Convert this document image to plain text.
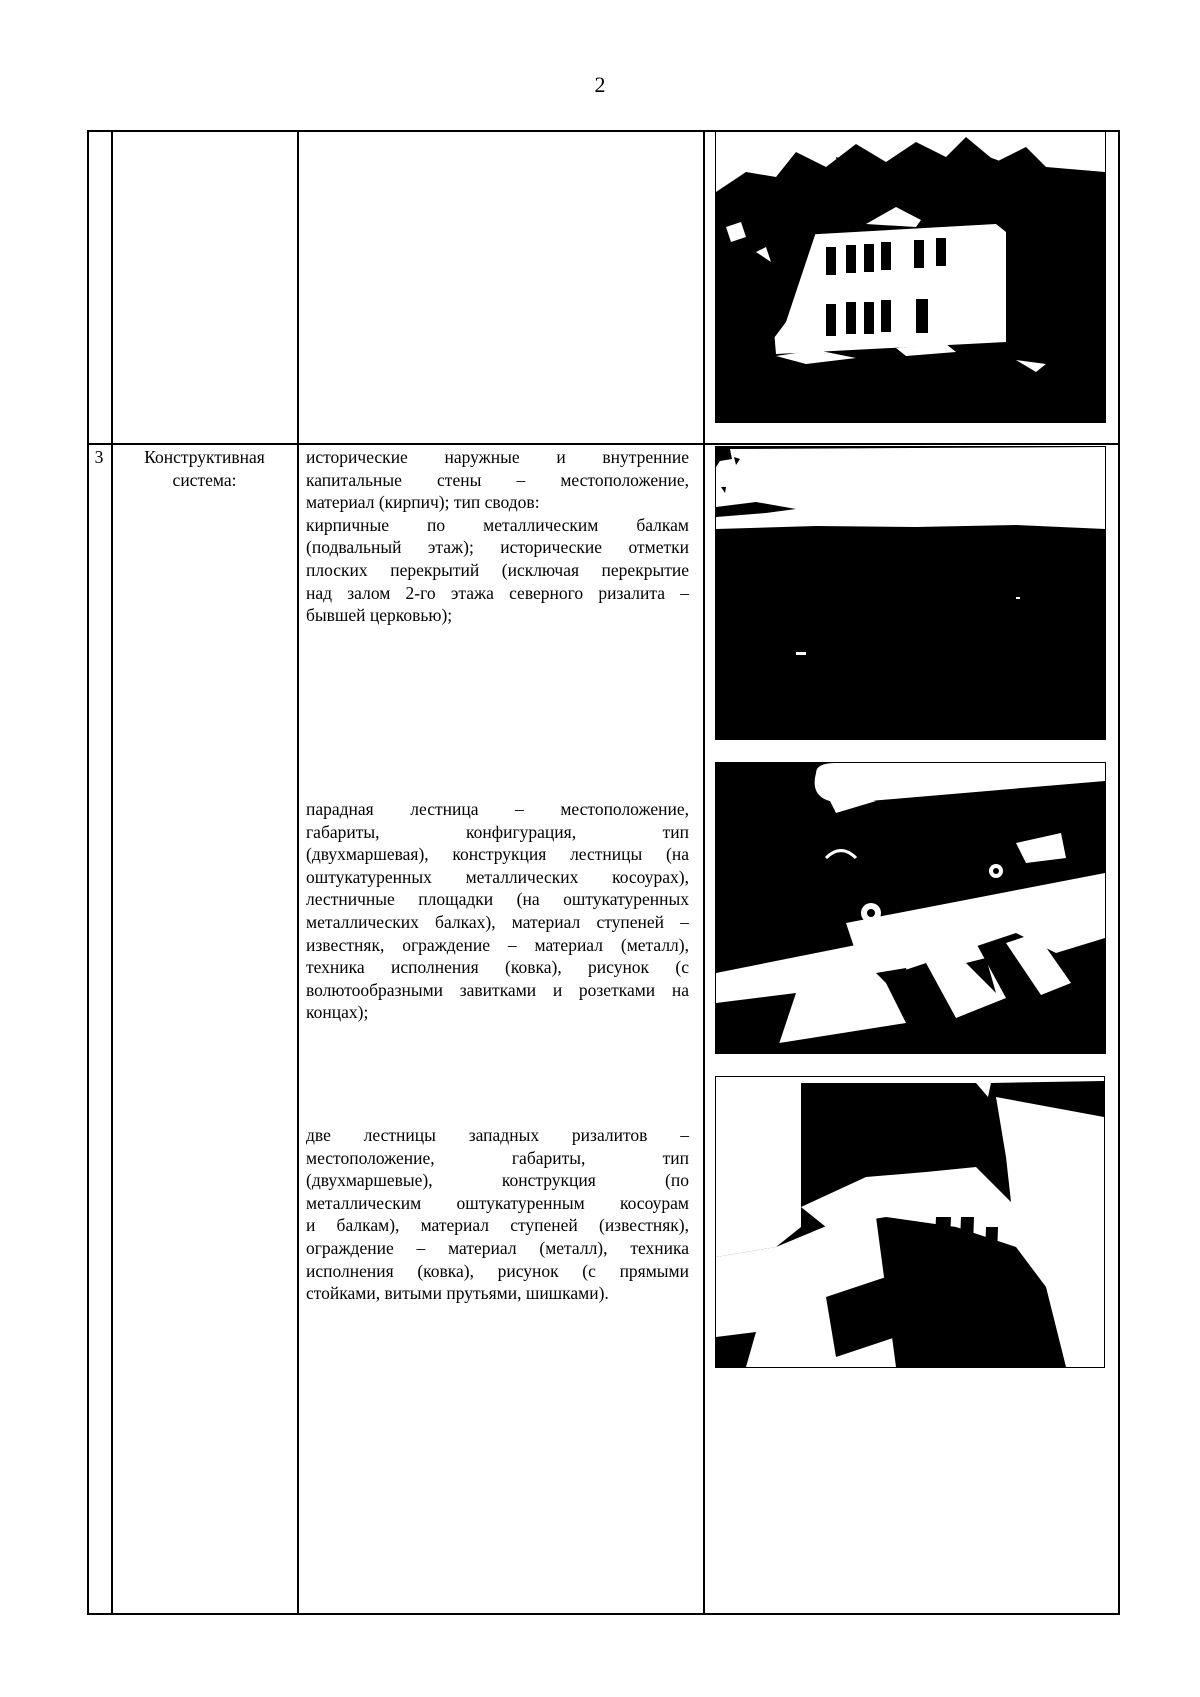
2
3	Конструктивная система:

исторические наружные и внутренние

капитальные стены – местоположение,

материал (кирпич); тип сводов:

кирпичные по металлическим балкам

(подвальный этаж); исторические отметки

плоских перекрытий (исключая перекрытие

над залом 2-го этажа северного ризалита –

бывшей церковью);

парадная лестница – местоположение,

габариты, конфигурация, тип

(двухмаршевая), конструкция лестницы (на

оштукатуренных металлических косоурах),

лестничные площадки (на оштукатуренных

металлических балках), материал ступеней –

известняк, ограждение – материал (металл),

техника исполнения (ковка), рисунок (с

волютообразными завитками и розетками на

концах);

две лестницы западных ризалитов –

местоположение, габариты, тип

(двухмаршевые), конструкция (по

металлическим оштукатуренным косоурам

и балкам), материал ступеней (известняк),

ограждение – материал (металл), техника

исполнения (ковка), рисунок (с прямыми

стойками, витыми прутьями, шишками).
